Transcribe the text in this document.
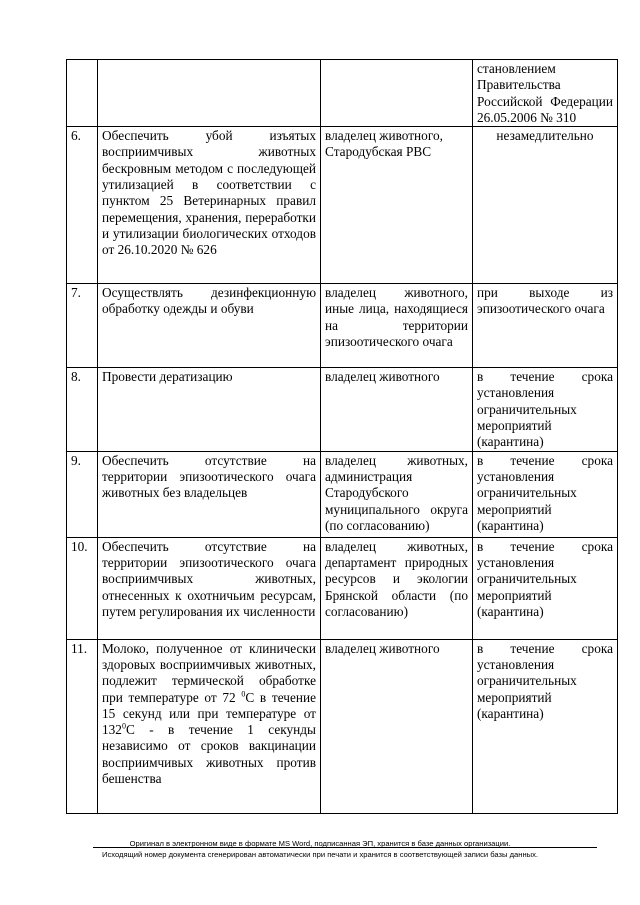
			становлением Правительства Российской Федерации 26.05.2006 № 310
6.	Обеспечить убой изъятых восприимчивых животных бескровным методом с последующей утилизацией в соответствии с пунктом 25 Ветеринарных правил перемещения, хранения, переработки и утилизации биологических отходов от 26.10.2020 № 626	владелец животного, Стародубская РВС	незамедлительно
7.	Осуществлять дезинфекционную обработку одежды и обуви	владелец животного, иные лица, находящиеся на территории эпизоотического очага	при выходе из эпизоотического очага
8.	Провести дератизацию	владелец животного	в течение срока установления ограничительных мероприятий (карантина)
9.	Обеспечить отсутствие на территории эпизоотического очага животных без владельцев	владелец животных, администрация Стародубского муниципального округа (по согласованию)	в течение срока установления ограничительных мероприятий (карантина)
10.	Обеспечить отсутствие на территории эпизоотического очага восприимчивых животных, отнесенных к охотничьим ресурсам, путем регулирования их численности	владелец животных, департамент природных ресурсов и экологии Брянской области (по согласованию)	в течение срока установления ограничительных мероприятий (карантина)
11.	Молоко, полученное от клинически здоровых восприимчивых животных, подлежит термической обработке при температуре от 72 $^0$С в течение 15 секунд или при температуре от $132^0С$ - в течение 1 секунды независимо от сроков вакцинации восприимчивых животных против бешенства	владелец животного	в течение срока установления ограничительных мероприятий (карантина)
Оригинал в электронном виде в формате MS Word, подписанная ЭП, хранится в базе данных организации.
Исходящий номер документа сгенерирован автоматически при печати и хранится в соответствующей записи базы данных.
